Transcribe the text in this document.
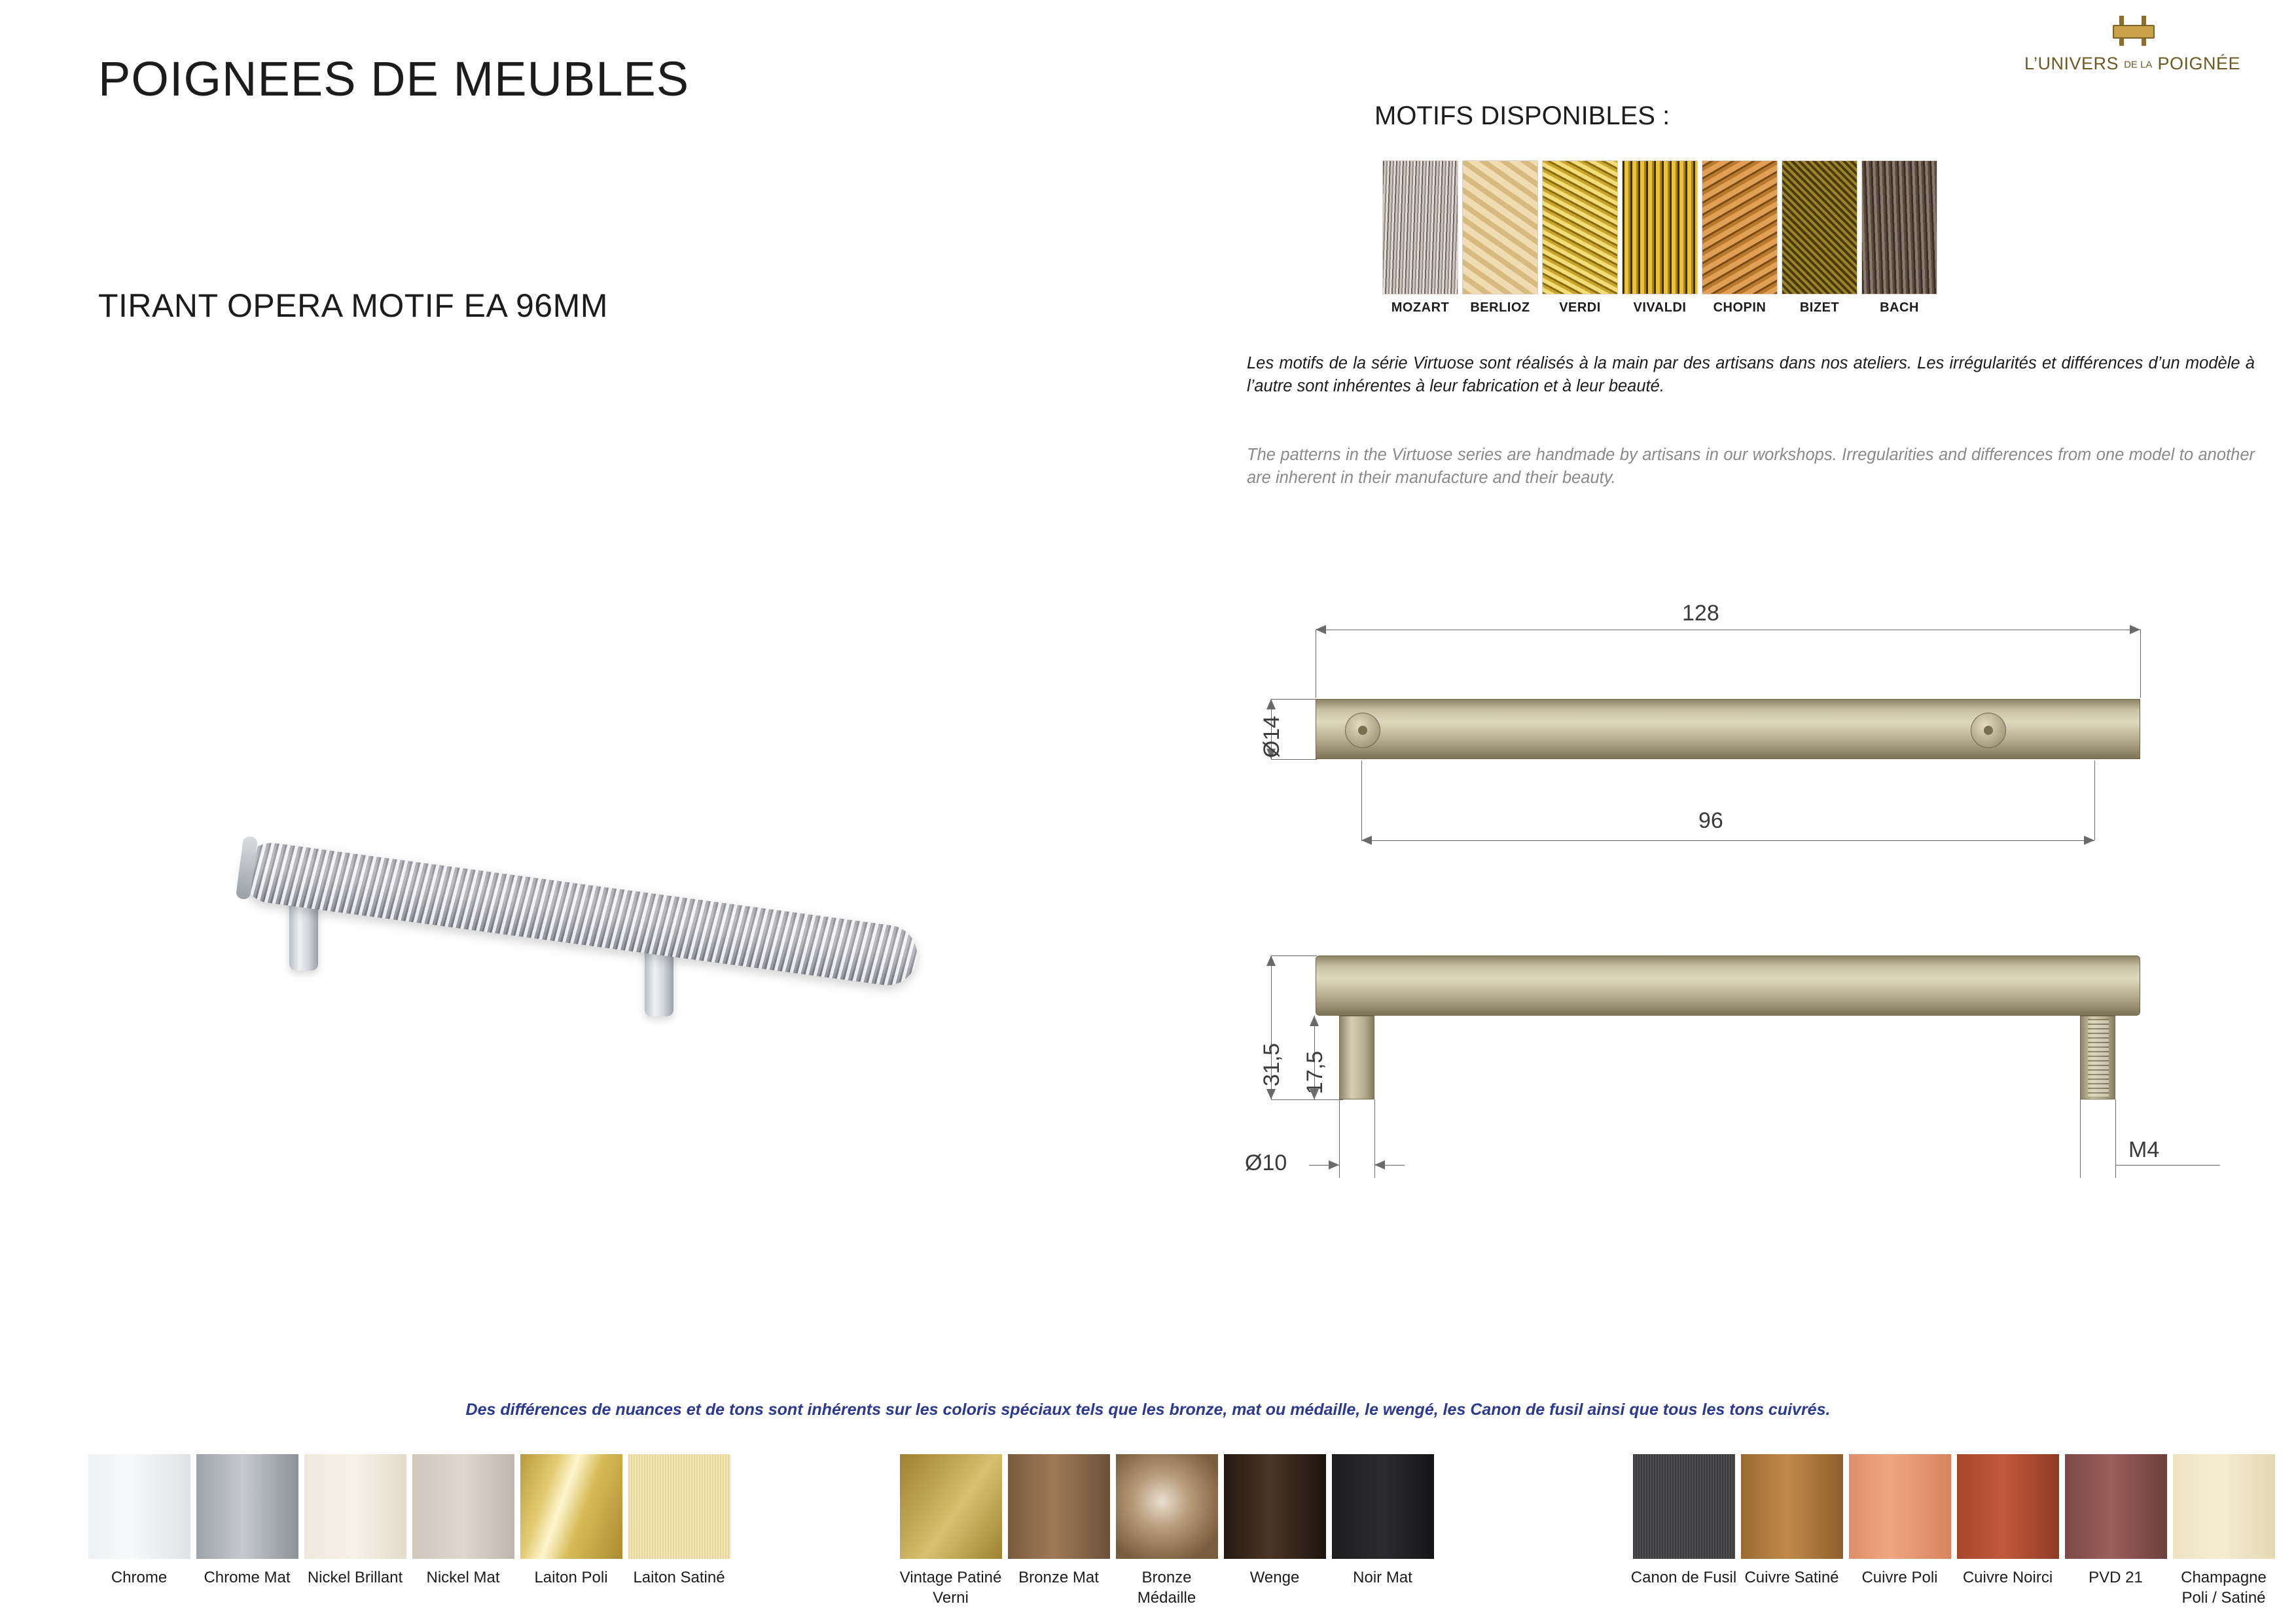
POIGNEES DE MEUBLES
TIRANT OPERA MOTIF EA 96MM
L’UNIVERS DE LA POIGNÉE
MOTIFS DISPONIBLES :
MOZART	BERLIOZ	VERDI	VIVALDI	CHOPIN	BIZET	BACH
Les motifs de la série Virtuose sont réalisés à la main par des artisans dans nos ateliers. Les irrégularités et différences d’un modèle à l’autre sont inhérentes à leur fabrication et à leur beauté.
The patterns in the Virtuose series are handmade by artisans in our workshops. Irregularities and differences from one model to another are inherent in their manufacture and their beauty.
128
Ø14
96
31,5 17,5
Ø10
M4
Des différences de nuances et de tons sont inhérents sur les coloris spéciaux tels que les bronze, mat ou médaille, le wengé, les Canon de fusil ainsi que tous les tons cuivrés.
Chrome	Chrome Mat	Nickel Brillant	Nickel Mat	Laiton Poli	Laiton Satiné	Vintage Patiné Verni
Bronze Mat	Bronze Médaille
Wenge	Noir Mat	Canon de Fusil Cuivre Satiné	Cuivre Poli	Cuivre Noirci	PVD 21	Champagne Poli / Satiné
